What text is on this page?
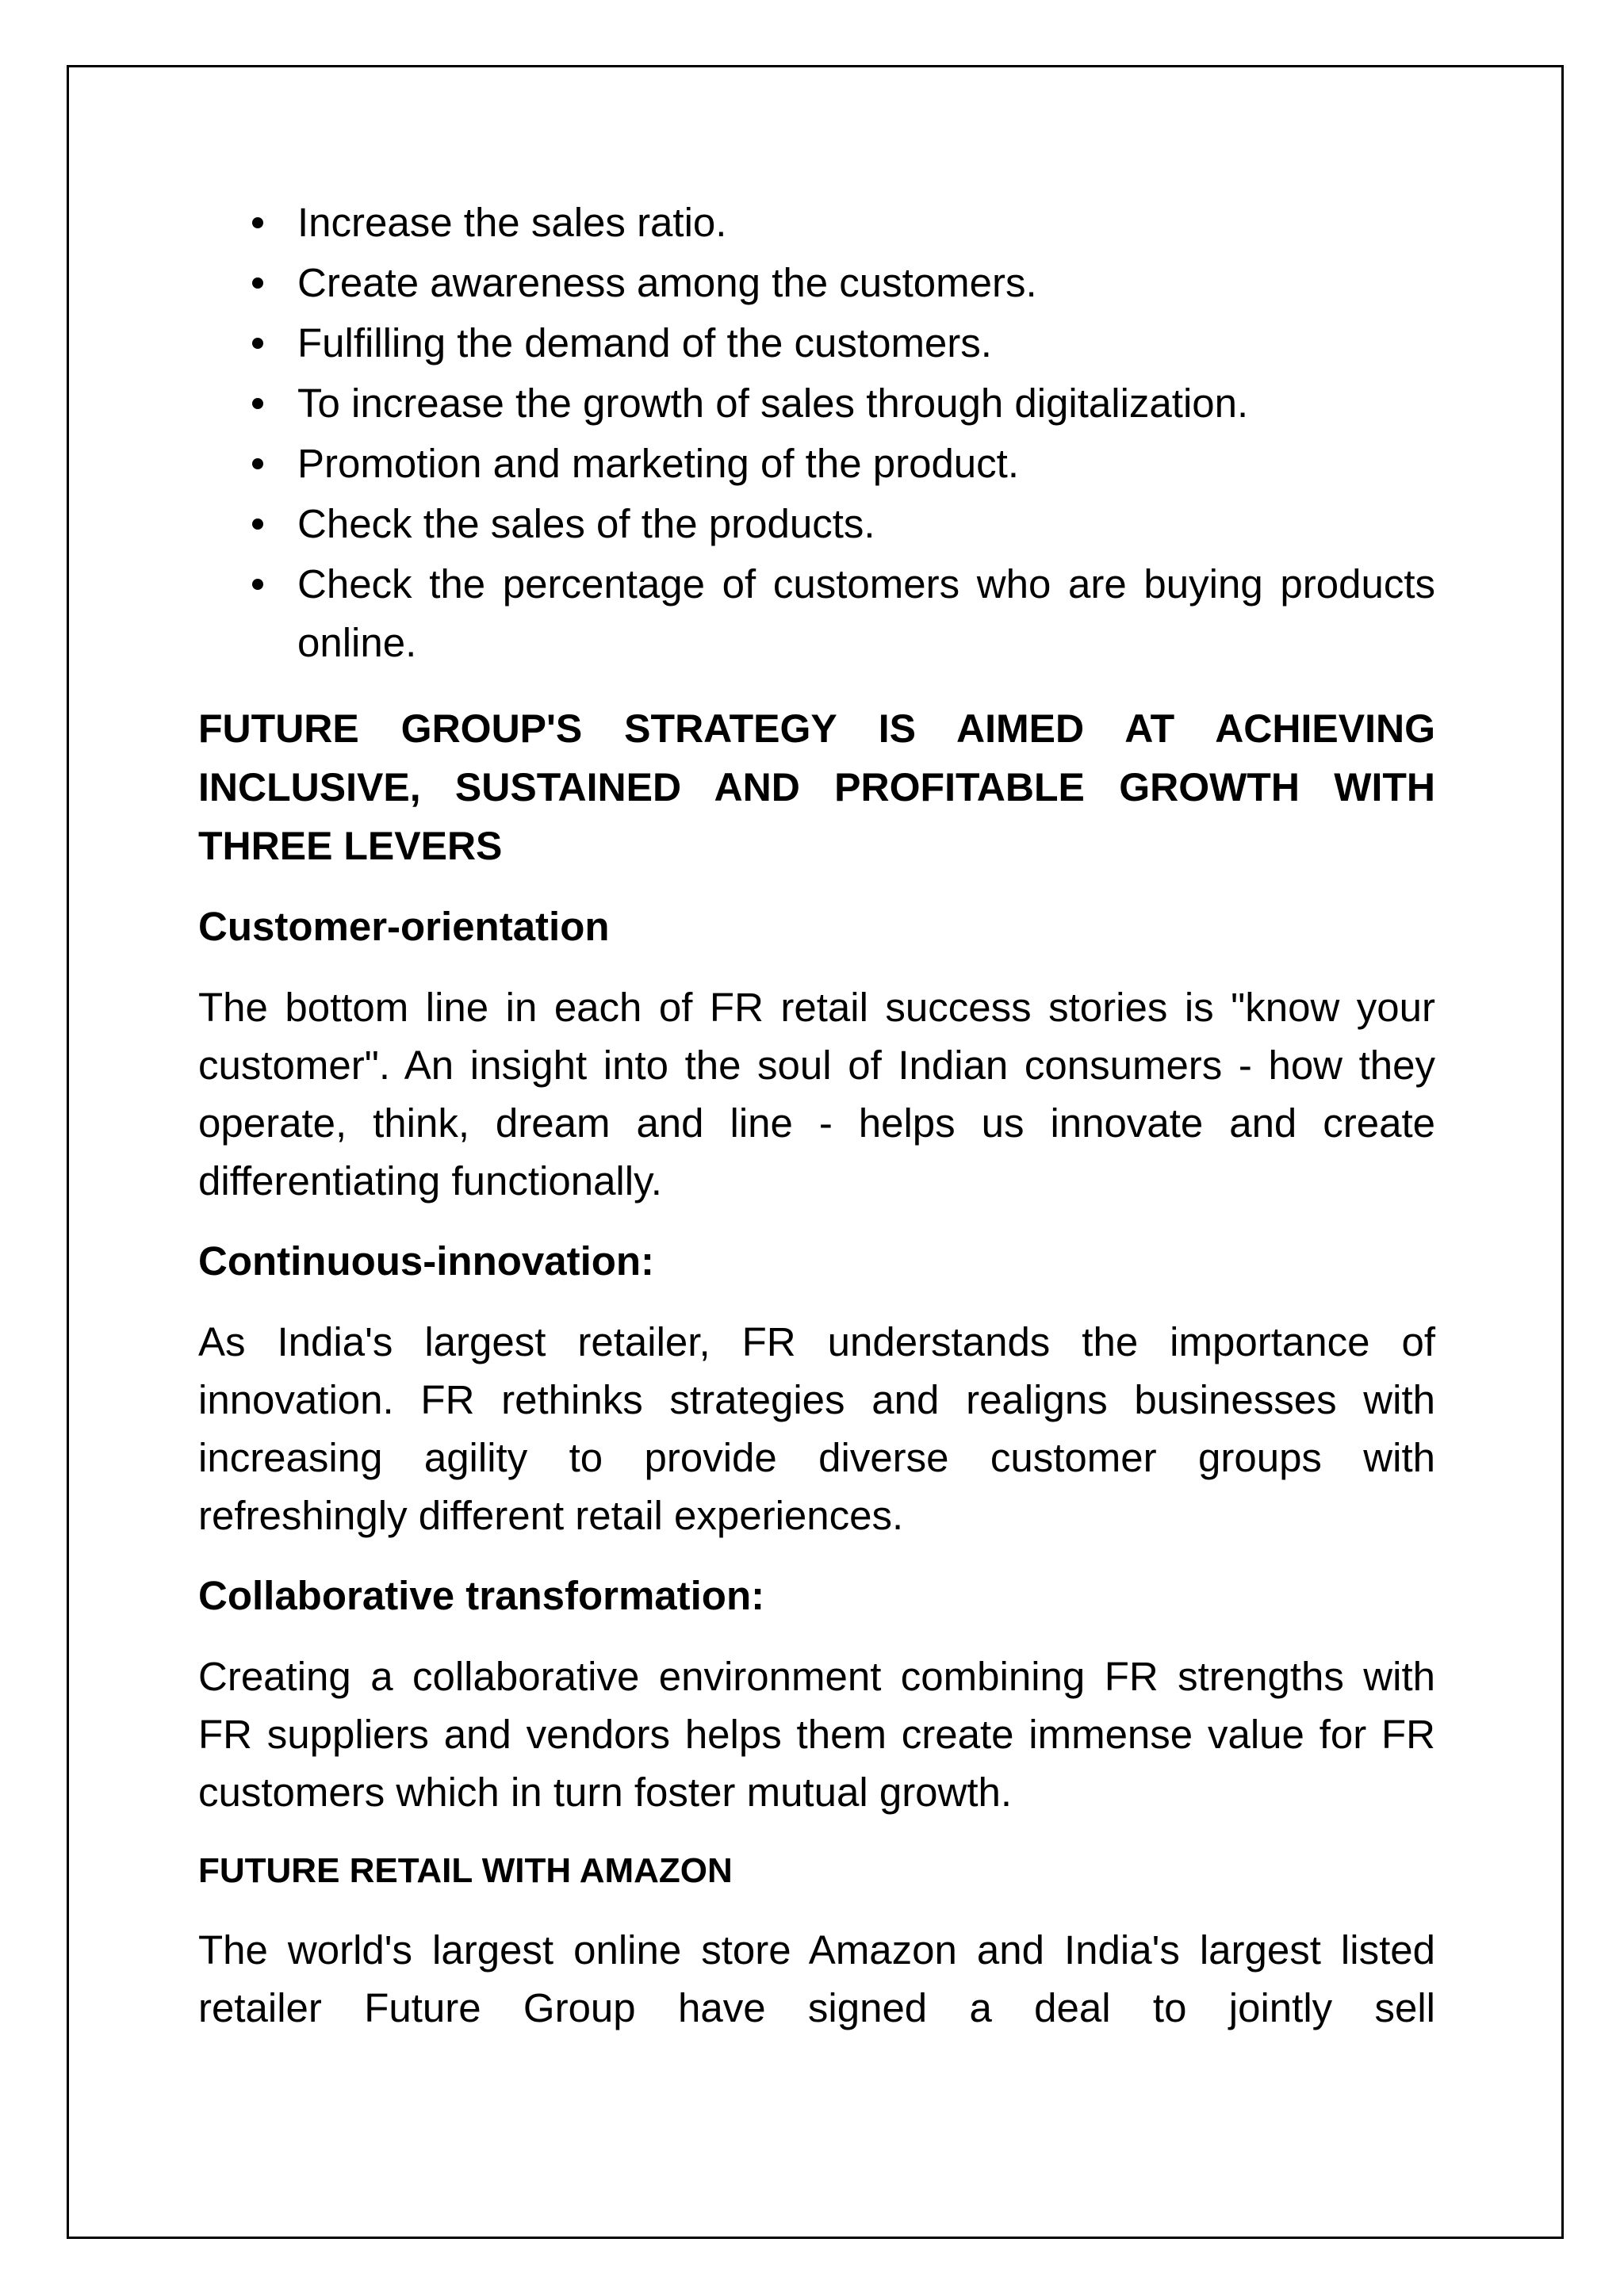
Increase the sales ratio.
Create awareness among the customers.
Fulfilling the demand of the customers.
To increase the growth of sales through digitalization.
Promotion and marketing of the product.
Check the sales of the products.
Check the percentage of customers who are buying products online.
FUTURE GROUP'S STRATEGY IS AIMED AT ACHIEVING INCLUSIVE, SUSTAINED AND PROFITABLE GROWTH WITH THREE LEVERS
Customer-orientation
The bottom line in each of FR retail success stories is "know your customer". An insight into the soul of Indian consumers - how they operate, think, dream and line - helps us innovate and create differentiating functionally.
Continuous-innovation:
As India's largest retailer, FR understands the importance of innovation. FR rethinks strategies and realigns businesses with increasing agility to provide diverse customer groups with refreshingly different retail experiences.
Collaborative transformation:
Creating a collaborative environment combining FR strengths with FR suppliers and vendors helps them create immense value for FR customers which in turn foster mutual growth.
FUTURE RETAIL WITH AMAZON
The world's largest online store Amazon and India's largest listed retailer Future Group have signed a deal to jointly sell
